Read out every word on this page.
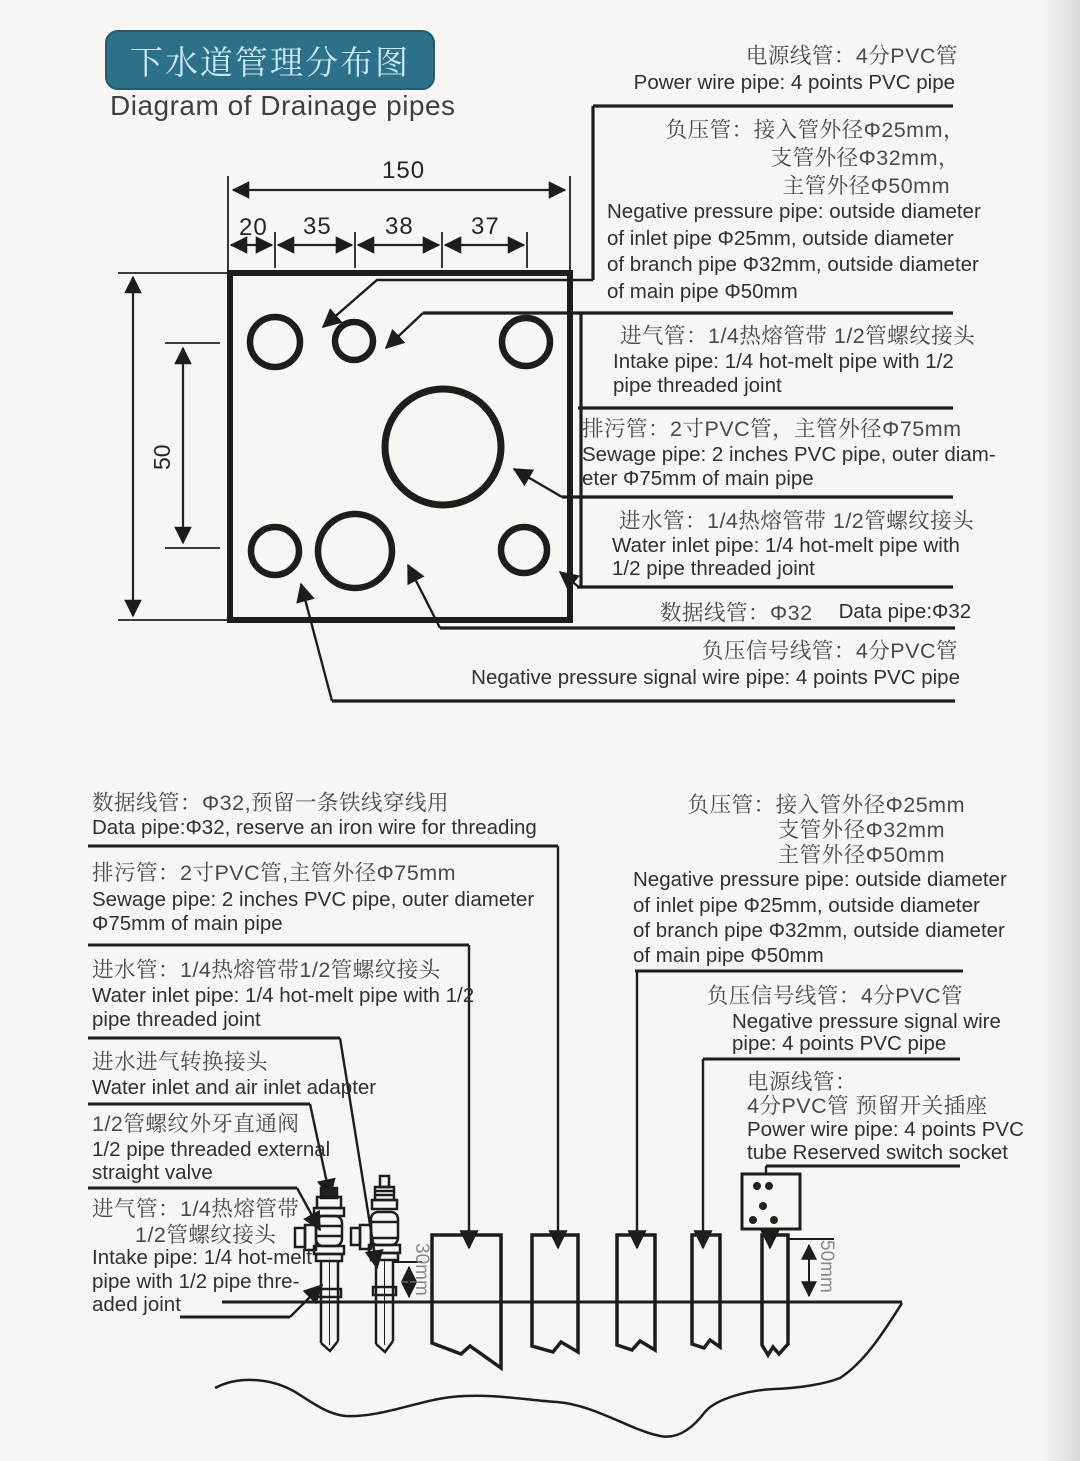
下水道管理分布图
Diagram of Drainage pipes
150
20 35 38 37
50
电源线管：4分PVC管
Power wire pipe: 4 points PVC pipe
负压管：接入管外径Φ25mm，
支管外径Φ32mm，
主管外径Φ50mm
Negative pressure pipe: outside diameter
of inlet pipe Φ25mm, outside diameter
of branch pipe Φ32mm, outside diameter
of main pipe Φ50mm
进气管：1/4热熔管带 1/2管螺纹接头
Intake pipe: 1/4 hot-melt pipe with 1/2
pipe threaded joint
排污管：2寸PVC管，主管外径Φ75mm
Sewage pipe: 2 inches PVC pipe, outer diam-
eter Φ75mm of main pipe
进水管：1/4热熔管带 1/2管螺纹接头
Water inlet pipe: 1/4 hot-melt pipe with
1/2 pipe threaded joint
数据线管：Φ32 Data pipe:Φ32
负压信号线管：4分PVC管
Negative pressure signal wire pipe: 4 points PVC pipe
数据线管：Φ32,预留一条铁线穿线用
Data pipe:Φ32, reserve an iron wire for threading
排污管：2寸PVC管,主管外径Φ75mm
Sewage pipe: 2 inches PVC pipe, outer diameter
Φ75mm of main pipe
进水管：1/4热熔管带1/2管螺纹接头
Water inlet pipe: 1/4 hot-melt pipe with 1/2
pipe threaded joint
进水进气转换接头
Water inlet and air inlet adapter
1/2管螺纹外牙直通阀
1/2 pipe threaded external
straight valve
进气管：1/4热熔管带
1/2管螺纹接头
Intake pipe: 1/4 hot-melt
pipe with 1/2 pipe thre-
aded joint
负压管：接入管外径Φ25mm
支管外径Φ32mm
主管外径Φ50mm
Negative pressure pipe: outside diameter
of inlet pipe Φ25mm, outside diameter
of branch pipe Φ32mm, outside diameter
of main pipe Φ50mm
负压信号线管：4分PVC管
Negative pressure signal wire
pipe: 4 points PVC pipe
电源线管：
4分PVC管 预留开关插座
Power wire pipe: 4 points PVC
tube Reserved switch socket
30mm	50mm
